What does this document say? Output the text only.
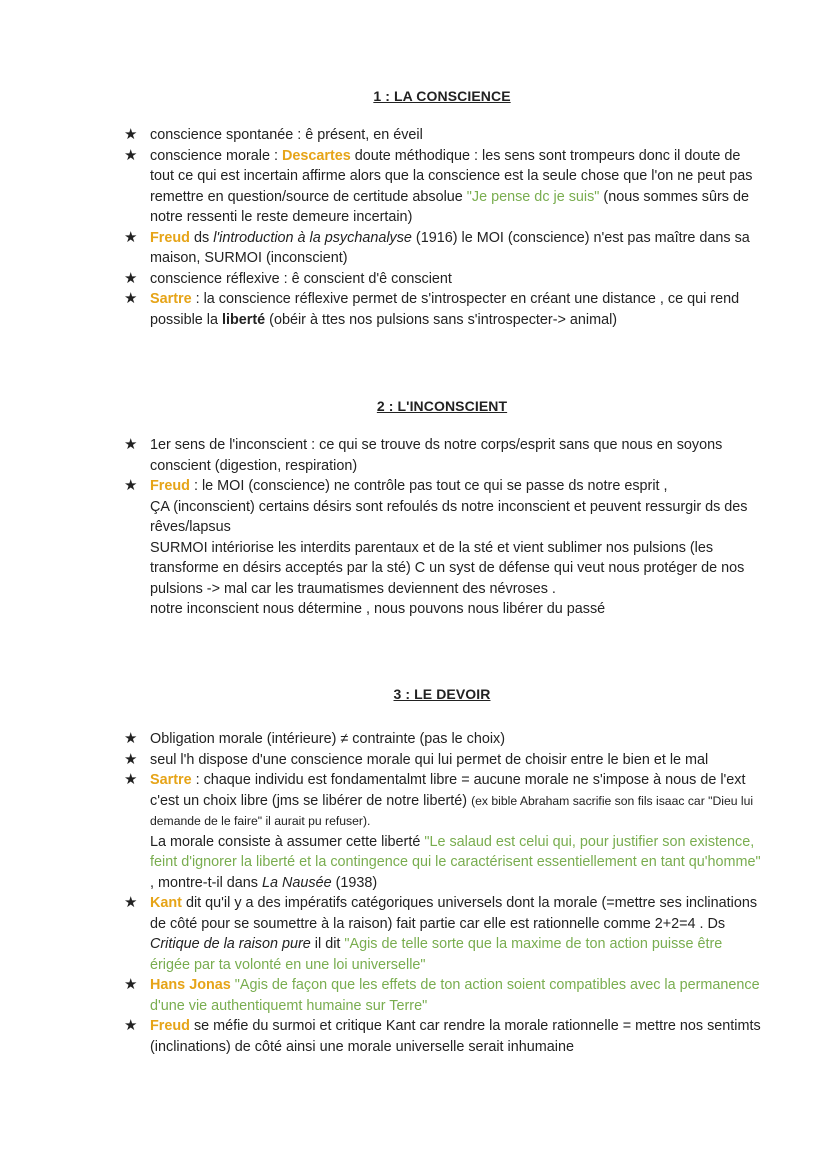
1 : LA CONSCIENCE

★ conscience spontanée : ê présent, en éveil
★ conscience morale : Descartes doute méthodique : les sens sont trompeurs donc il doute de tout ce qui est incertain affirme alors que la conscience est la seule chose que l'on ne peut pas remettre en question/source de certitude absolue "Je pense dc je suis" (nous sommes sûrs de notre ressenti le reste demeure incertain)
★ Freud ds l'introduction à la psychanalyse (1916) le MOI (conscience) n'est pas maître dans sa maison, SURMOI (inconscient)
★ conscience réflexive : ê conscient d'ê conscient
★ Sartre : la conscience réflexive permet de s'introspecter en créant une distance , ce qui rend possible la liberté (obéir à ttes nos pulsions sans s'introspecter-> animal)

2 : L'INCONSCIENT

★ 1er sens de l'inconscient : ce qui se trouve ds notre corps/esprit sans que nous en soyons conscient (digestion, respiration)
★ Freud : le MOI (conscience) ne contrôle pas tout ce qui se passe ds notre esprit ,
ÇA (inconscient) certains désirs sont refoulés ds notre inconscient et peuvent ressurgir ds des rêves/lapsus
SURMOI intériorise les interdits parentaux et de la sté et vient sublimer nos pulsions (les transforme en désirs acceptés par la sté) C un syst de défense qui veut nous protéger de nos pulsions -> mal car les traumatismes deviennent des névroses .
notre inconscient nous détermine , nous pouvons nous libérer du passé

3 : LE DEVOIR

★ Obligation morale (intérieure) ≠ contrainte (pas le choix)
★ seul l'h dispose d'une conscience morale qui lui permet de choisir entre le bien et le mal
★ Sartre : chaque individu est fondamentalmt libre = aucune morale ne s'impose à nous de l'ext c'est un choix libre (jms se libérer de notre liberté) (ex bible Abraham sacrifie son fils isaac car "Dieu lui demande de le faire" il aurait pu refuser).
La morale consiste à assumer cette liberté "Le salaud est celui qui, pour justifier son existence, feint d'ignorer la liberté et la contingence qui le caractérisent essentiellement en tant qu'homme" , montre-t-il dans La Nausée (1938)
★ Kant dit qu'il y a des impératifs catégoriques universels dont la morale (=mettre ses inclinations de côté pour se soumettre à la raison) fait partie car elle est rationnelle comme 2+2=4 . Ds Critique de la raison pure il dit "Agis de telle sorte que la maxime de ton action puisse être érigée par ta volonté en une loi universelle"
★ Hans Jonas "Agis de façon que les effets de ton action soient compatibles avec la permanence d'une vie authentiquemt humaine sur Terre"
★ Freud se méfie du surmoi et critique Kant car rendre la morale rationnelle = mettre nos sentimts (inclinations) de côté ainsi une morale universelle serait inhumaine
